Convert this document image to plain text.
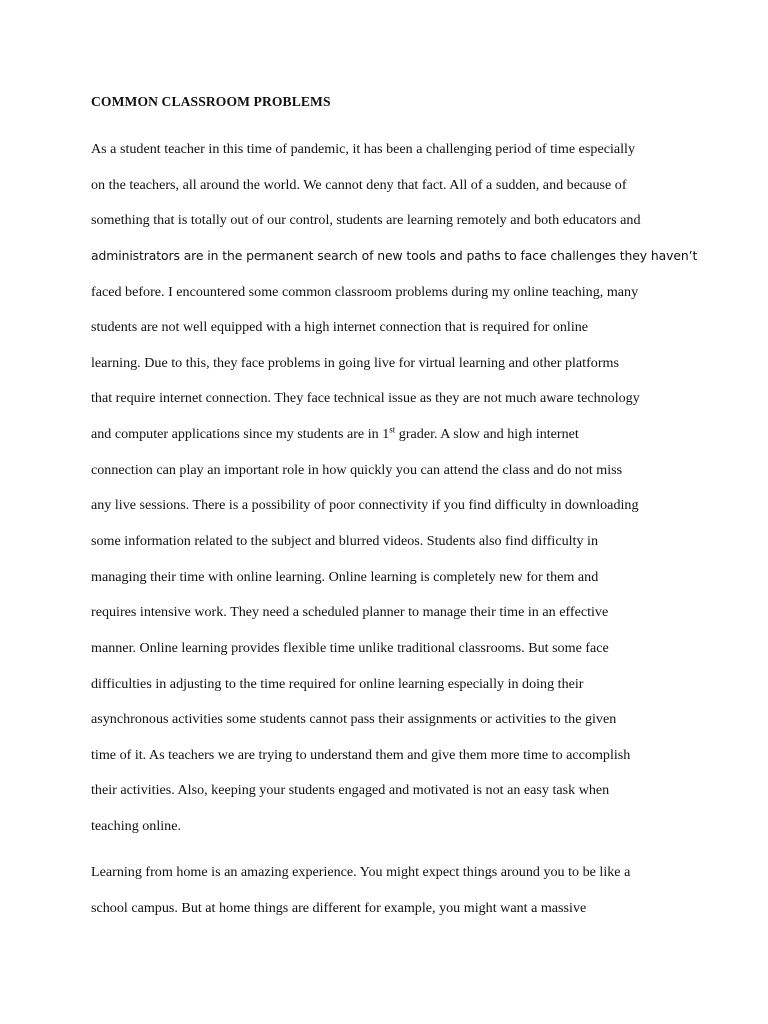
COMMON CLASSROOM PROBLEMS
As a student teacher in this time of pandemic, it has been a challenging period of time especially
on the teachers, all around the world. We cannot deny that fact. All of a sudden, and because of
something that is totally out of our control, students are learning remotely and both educators and
administrators are in the permanent search of new tools and paths to face challenges they haven’t
faced before. I encountered some common classroom problems during my online teaching, many
students are not well equipped with a high internet connection that is required for online
learning. Due to this, they face problems in going live for virtual learning and other platforms
that require internet connection. They face technical issue as they are not much aware technology
and computer applications since my students are in 1st grader. A slow and high internet
connection can play an important role in how quickly you can attend the class and do not miss
any live sessions. There is a possibility of poor connectivity if you find difficulty in downloading
some information related to the subject and blurred videos. Students also find difficulty in
managing their time with online learning. Online learning is completely new for them and
requires intensive work. They need a scheduled planner to manage their time in an effective
manner. Online learning provides flexible time unlike traditional classrooms. But some face
difficulties in adjusting to the time required for online learning especially in doing their
asynchronous activities some students cannot pass their assignments or activities to the given
time of it. As teachers we are trying to understand them and give them more time to accomplish
their activities. Also, keeping your students engaged and motivated is not an easy task when
teaching online.
Learning from home is an amazing experience. You might expect things around you to be like a
school campus. But at home things are different for example, you might want a massive
